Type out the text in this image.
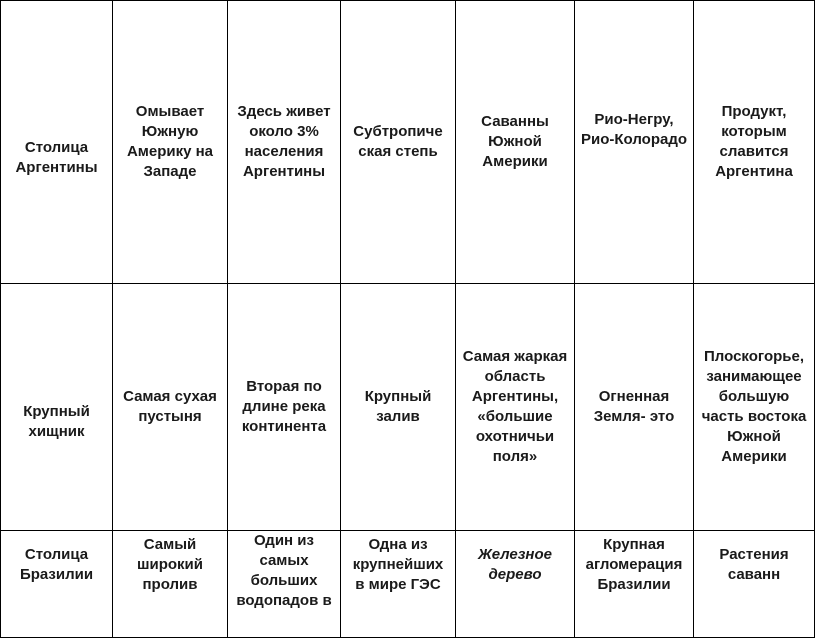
Столица Аргентины	Омывает Южную Америку на Западе	Здесь живет около 3% населения Аргентины	Субтропиче ская степь	Саванны Южной Америки	Рио-Негру, Рио-Колорадо	Продукт, которым славится Аргентина

Крупный хищник	Самая сухая пустыня	Вторая по длине река континента	Крупный залив	Самая жаркая область Аргентины, «большие охотничьи поля»	Огненная Земля- это	Плоскогорье, занимающее большую часть востока Южной Америки

Столица Бразилии	Самый широкий пролив	Один из самых больших водопадов в	Одна из крупнейших в мире ГЭС	Железное дерево	Крупная агломерация Бразилии	Растения саванн
